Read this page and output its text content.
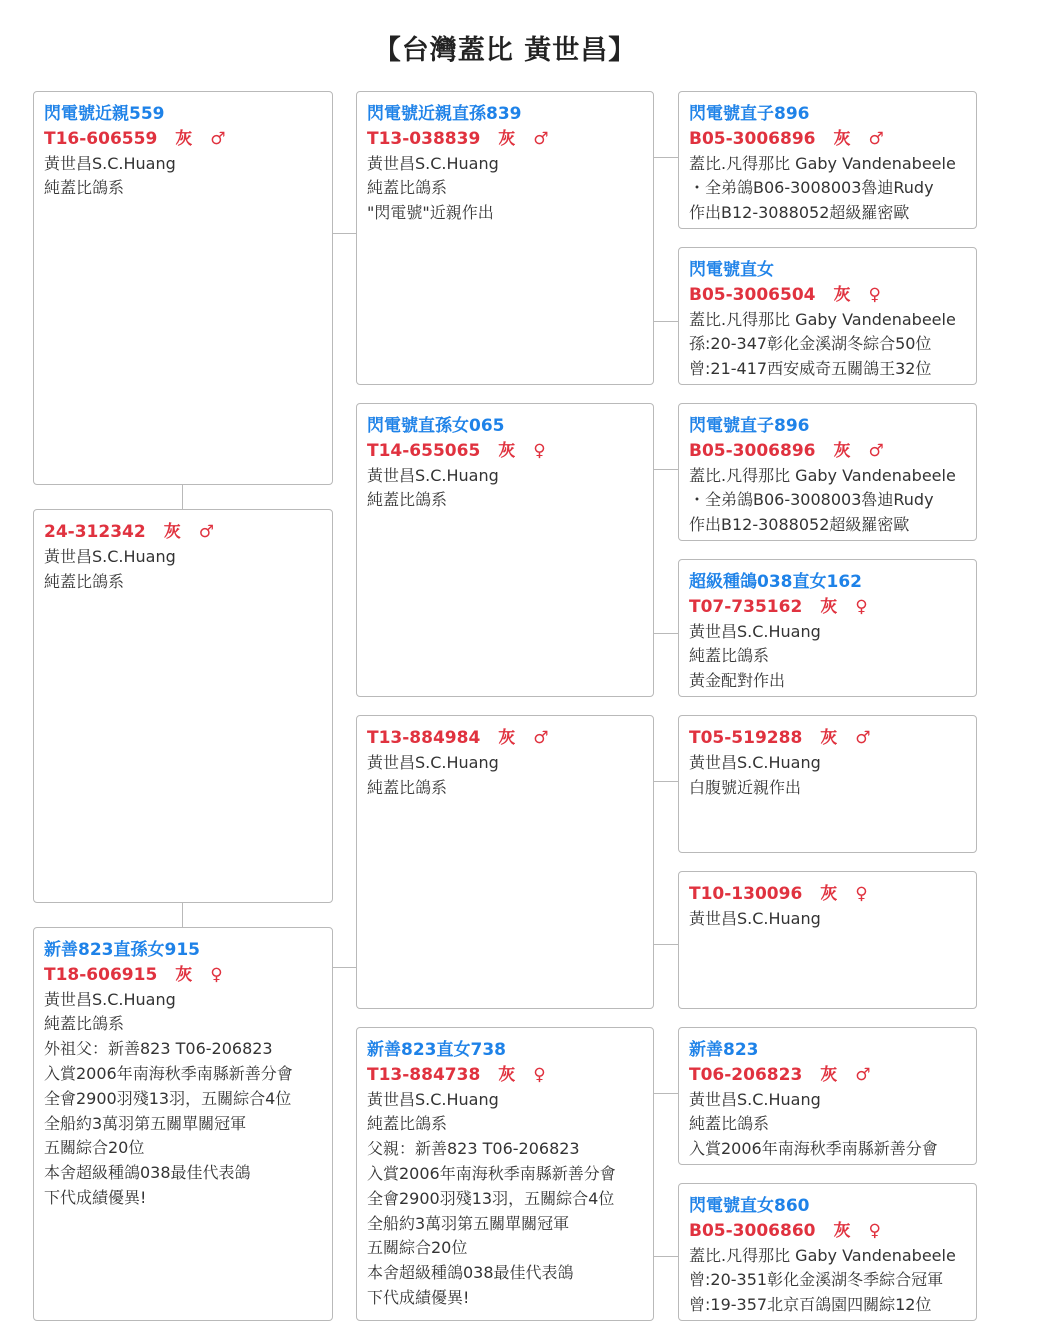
【台灣蓋比 黃世昌】
閃電號近親559
T16-606559 灰 ♂
黃世昌S.C.Huang
純蓋比鴿系
24-312342 灰 ♂
黃世昌S.C.Huang
純蓋比鴿系
新善823直孫女915
T18-606915 灰 ♀
黃世昌S.C.Huang
純蓋比鴿系
外祖父：新善823 T06-206823
入賞2006年南海秋季南縣新善分會
全會2900羽殘13羽，五關綜合4位
全船約3萬羽第五關單關冠軍
五關綜合20位
本舍超級種鴿038最佳代表鴿
下代成績優異!
閃電號近親直孫839
T13-038839 灰 ♂
黃世昌S.C.Huang
純蓋比鴿系
"閃電號"近親作出
閃電號直孫女065
T14-655065 灰 ♀
黃世昌S.C.Huang
純蓋比鴿系
T13-884984 灰 ♂
黃世昌S.C.Huang
純蓋比鴿系
新善823直女738
T13-884738 灰 ♀
黃世昌S.C.Huang
純蓋比鴿系
父親：新善823 T06-206823
入賞2006年南海秋季南縣新善分會
全會2900羽殘13羽，五關綜合4位
全船約3萬羽第五關單關冠軍
五關綜合20位
本舍超級種鴿038最佳代表鴿
下代成績優異!
閃電號直子896
B05-3006896 灰 ♂
蓋比.凡得那比 Gaby Vandenabeele
・全弟鴿B06-3008003魯迪Rudy
作出B12-3088052超級羅密歐
閃電號直女
B05-3006504 灰 ♀
蓋比.凡得那比 Gaby Vandenabeele
孫:20-347彰化金溪湖冬綜合50位
曾:21-417西安威奇五關鴿王32位
閃電號直子896
B05-3006896 灰 ♂
蓋比.凡得那比 Gaby Vandenabeele
・全弟鴿B06-3008003魯迪Rudy
作出B12-3088052超級羅密歐
超級種鴿038直女162
T07-735162 灰 ♀
黃世昌S.C.Huang
純蓋比鴿系
黃金配對作出
T05-519288 灰 ♂
黃世昌S.C.Huang
白腹號近親作出
T10-130096 灰 ♀
黃世昌S.C.Huang
新善823
T06-206823 灰 ♂
黃世昌S.C.Huang
純蓋比鴿系
入賞2006年南海秋季南縣新善分會
閃電號直女860
B05-3006860 灰 ♀
蓋比.凡得那比 Gaby Vandenabeele
曾:20-351彰化金溪湖冬季綜合冠軍
曾:19-357北京百鴿園四關綜12位
